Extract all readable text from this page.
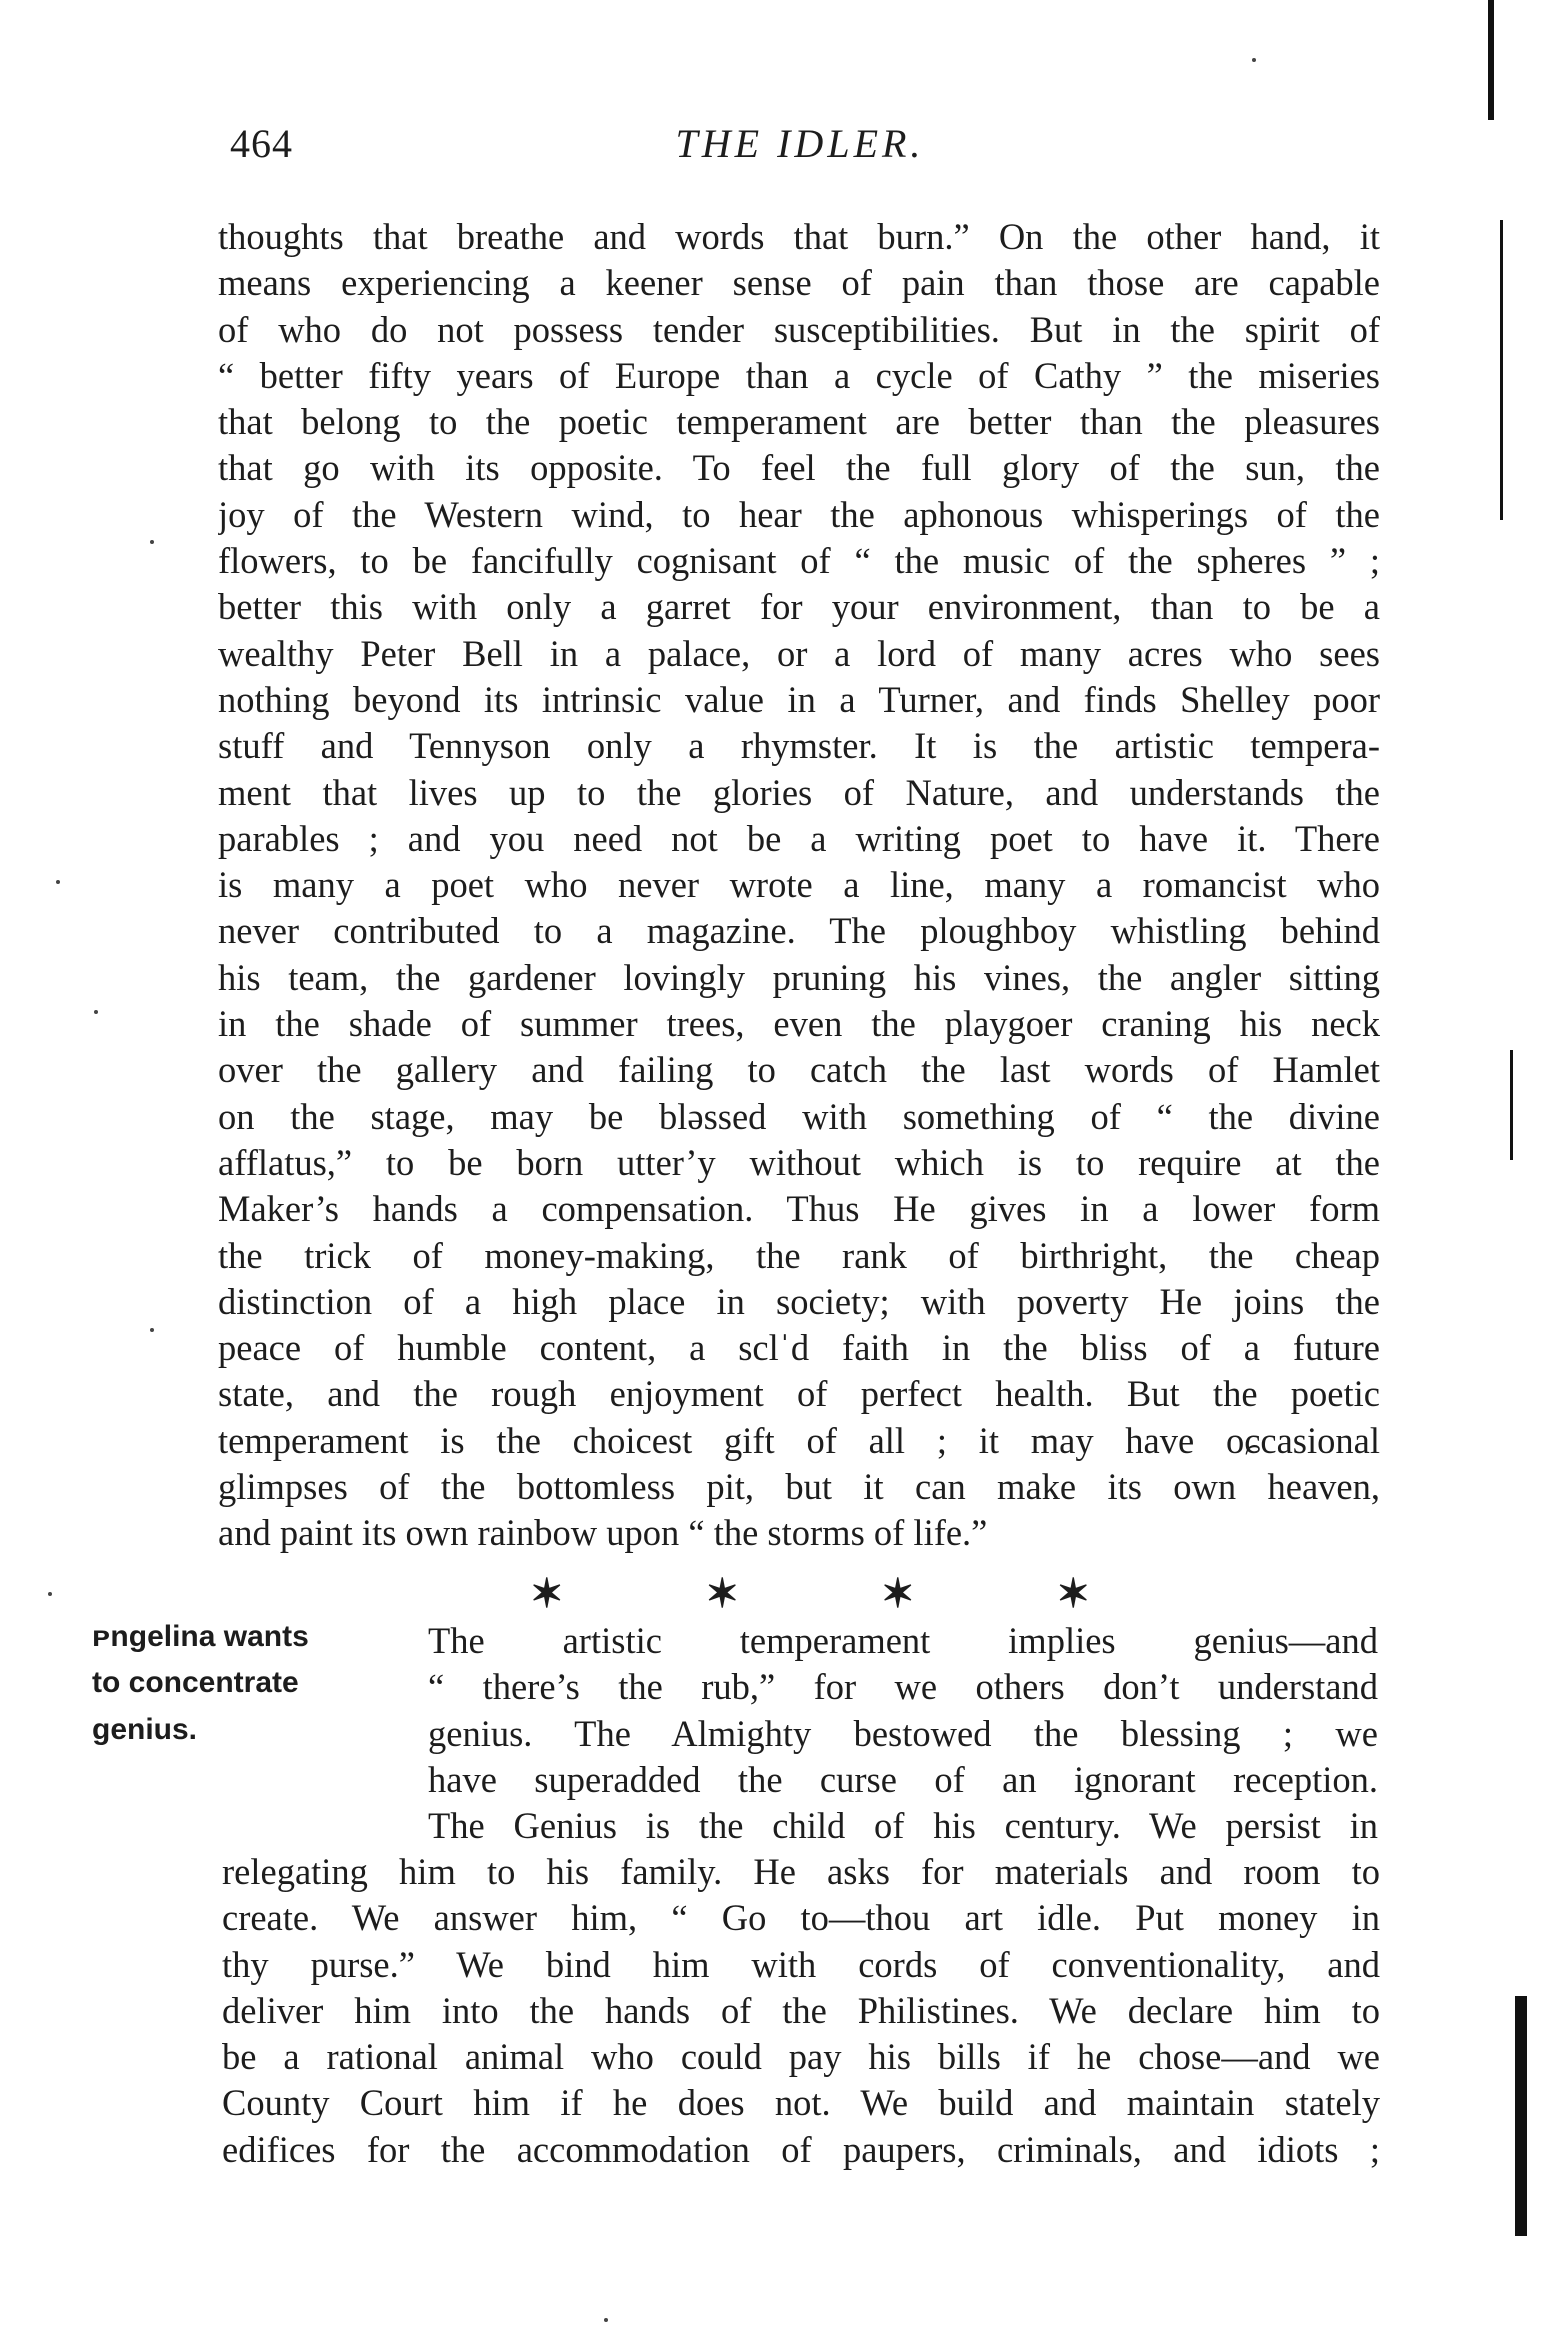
464	THE IDLER.
thoughts that breathe and words that burn.” On the other hand, it
means experiencing a keener sense of pain than those are capable
of who do not possess tender susceptibilities. But in the spirit of
“ better fifty years of Europe than a cycle of Cathy ” the miseries
that belong to the poetic temperament are better than the pleasures
that go with its opposite. To feel the full glory of the sun, the
joy of the Western wind, to hear the aphonous whisperings of the
flowers, to be fancifully cognisant of “ the music of the spheres ” ;
better this with only a garret for your environment, than to be a
wealthy Peter Bell in a palace, or a lord of many acres who sees
nothing beyond its intrinsic value in a Turner, and finds Shelley poor
stuff and Tennyson only a rhymster. It is the artistic tempera-
ment that lives up to the glories of Nature, and understands the
parables ; and you need not be a writing poet to have it. There
is many a poet who never wrote a line, many a romancist who
never contributed to a magazine. The ploughboy whistling behind
his team, the gardener lovingly pruning his vines, the angler sitting
in the shade of summer trees, even the playgoer craning his neck
over the gallery and failing to catch the last words of Hamlet
on the stage, may be bləssed with something of “ the divine
afflatus,” to be born utter’y without which is to require at the
Maker’s hands a compensation. Thus He gives in a lower form
the trick of money-making, the rank of birthright, the cheap
distinction of a high place in society; with poverty He joins the
peace of humble content, a sclˈd faith in the bliss of a future
state, and the rough enjoyment of perfect health. But the poetic
temperament is the choicest gift of all ; it may have oɕcasional
glimpses of the bottomless pit, but it can make its own heaven,
and paint its own rainbow upon “ the storms of life.”
✶	✶	✶	✶
ᴩngelina wants
to concentrate
genius.
The artistic temperament implies genius—and
“ there’s the rub,” for we others don’t understand
genius. The Almighty bestowed the blessing ; we
have superadded the curse of an ignorant reception.
The Genius is the child of his century. We persist in
relegating him to his family. He asks for materials and room to
create. We answer him, “ Go to—thou art idle. Put money in
thy purse.” We bind him with cords of conventionality, and
deliver him into the hands of the Philistines. We declare him to
be a rational animal who could pay his bills if he chose—and we
County Court him if he does not. We build and maintain stately
edifices for the accommodation of paupers, criminals, and idiots ;
